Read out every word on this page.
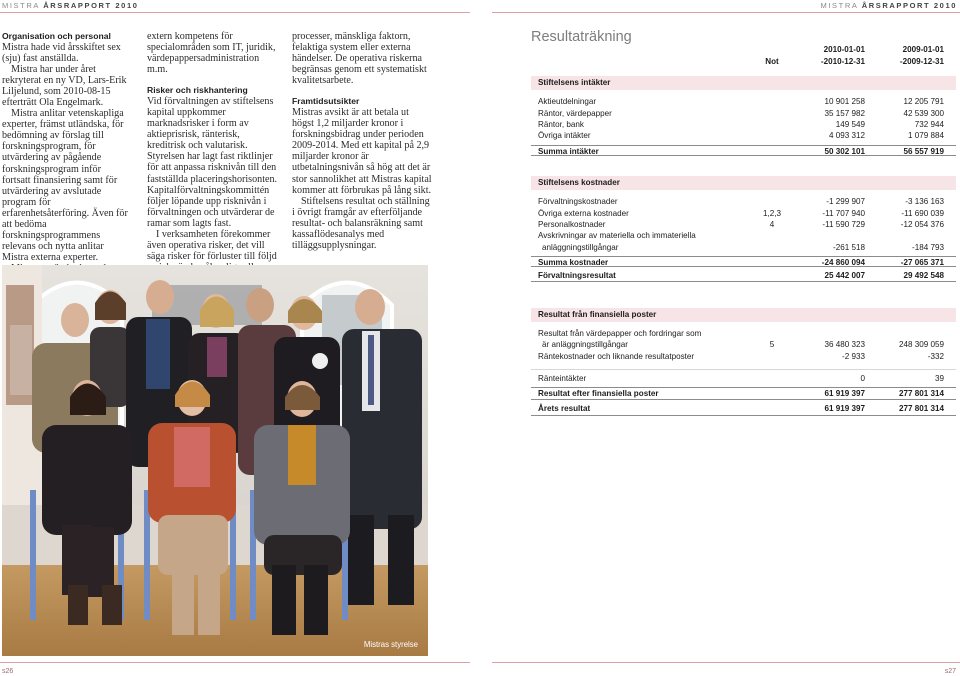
MISTRA ÅRSRAPPORT 2010	MISTRA ÅRSRAPPORT 2010
Organisation och personal

Mistra hade vid årsskiftet sex (sju) fast anställda.

Mistra har under året rekryterat en ny VD, Lars-Erik Liljelund, som 2010-08-15 efterträtt Ola Engelmark.

Mistra anlitar vetenskapliga experter, främst utländska, för bedömning av förslag till forskningsprogram, för utvärdering av pågående forskningsprogram inför fortsatt finansiering samt för utvärdering av avslutade program för erfarenhetsåterföring. Även för att bedöma forskningsprogrammens relevans och nytta anlitar Mistra externa experter.

extern kompetens för specialområden som IT, juridik, värdepappersadministration m.m.

Risker och riskhantering

Vid förvaltningen av stiftelsens kapital uppkommer marknadsrisker i form av aktieprisrisk, ränterisk, kreditrisk och valutarisk. Styrelsen har lagt fast riktlinjer för att anpassa risknivån till den fastställda placeringshorisonten. Kapitalförvaltningskommittén följer löpande upp risknivån i förvaltningen och utvärderar de ramar som lagts fast.

I verksamheten förekommer även operativa risker, det vill säga risker för förluster till följd

processer, mänskliga faktorn, felaktiga system eller externa händelser. De operativa riskerna begränsas genom ett systematiskt kvalitetsarbete.

Framtidsutsikter

Mistras avsikt är att betala ut högst 1,2 miljarder kronor i forskningsbidrag under perioden 2009-2014. Med ett kapital på 2,9 miljarder kronor är utbetalningsnivån så hög att det är stor sannolikhet att Mistras kapital kommer att förbrukas på lång sikt.

Stiftelsens resultat och ställning i övrigt framgår av efterföljande resultat- och balansräkning samt kassaflödesanalys med tilläggsupplysningar.

Mistras styrelse
Resultaträkning
2010-01-01	2009-01-01
Not	-2010-12-31	-2009-12-31
Stiftelsens intäkter
Aktieutdelningar	10 901 258	12 205 791
Räntor, värdepapper	35 157 982	42 539 300
Räntor, bank	149 549	732 944
Övriga intäkter	4 093 312	1 079 884
Summa intäkter	50 302 101	56 557 919
Stiftelsens kostnader
Förvaltningskostnader	-1 299 907	-3 136 163
Övriga externa kostnader	1,2,3	-11 707 940	-11 690 039
Personalkostnader	4	-11 590 729	-12 054 376
Avskrivningar av materiella och immateriella
anläggningstillgångar	-261 518	-184 793
Summa kostnader	-24 860 094	-27 065 371
Förvaltningsresultat	25 442 007	29 492 548
Resultat från finansiella poster
Resultat från värdepapper och fordringar som
är anläggningstillgångar	5	36 480 323	248 309 059
Räntekostnader och liknande resultatposter	-2 933	-332
Ränteintäkter	0	39
Resultat efter finansiella poster	61 919 397	277 801 314
Årets resultat	61 919 397	277 801 314
s26	s27
